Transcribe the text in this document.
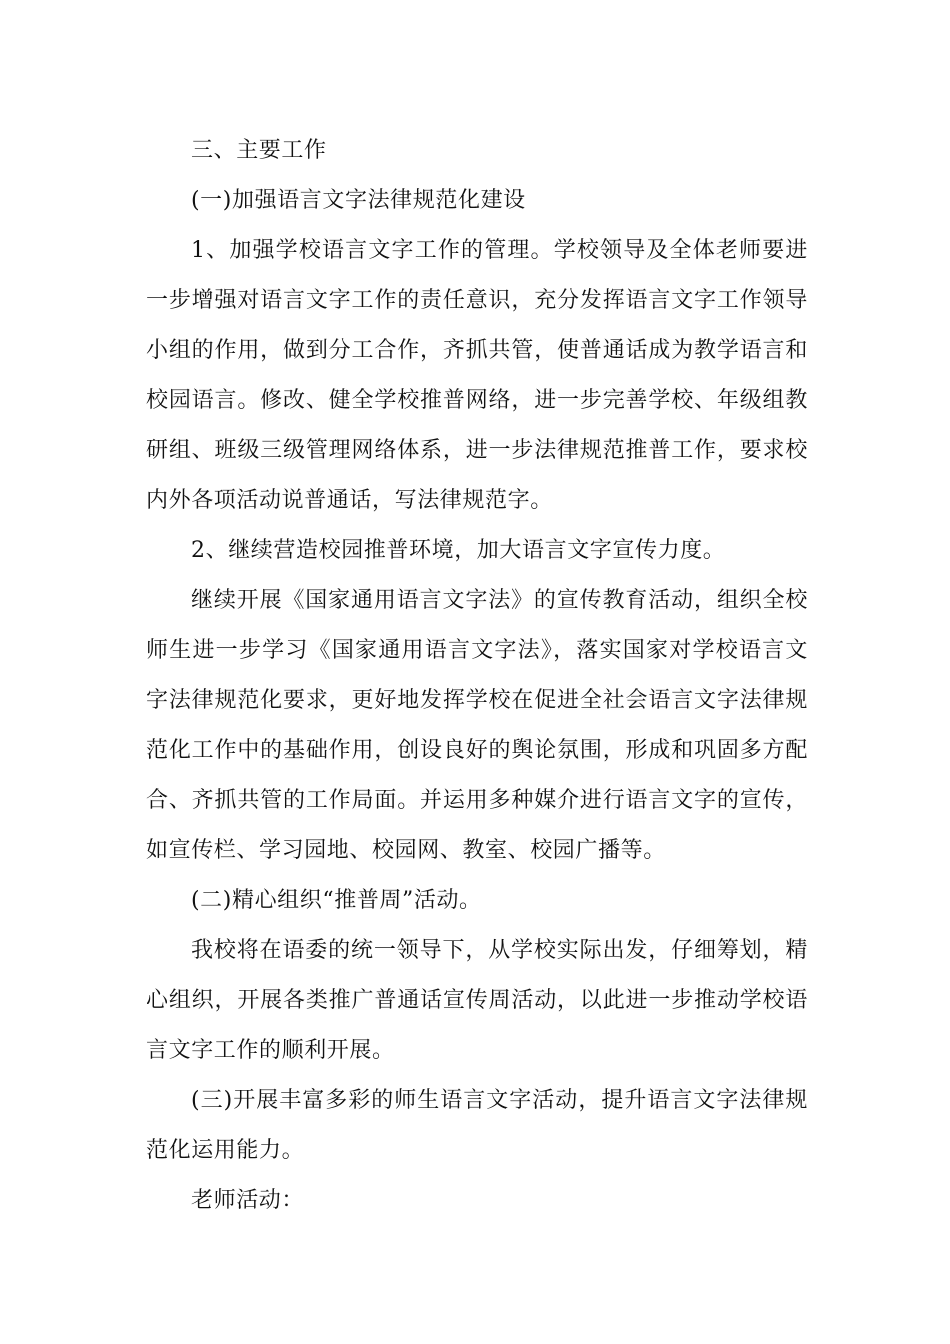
三、主要工作

(一)加强语言文字法律规范化建设

1、加强学校语言文字工作的管理。学校领导及全体老师要进一步增强对语言文字工作的责任意识，充分发挥语言文字工作领导小组的作用，做到分工合作，齐抓共管，使普通话成为教学语言和校园语言。修改、健全学校推普网络，进一步完善学校、年级组教研组、班级三级管理网络体系，进一步法律规范推普工作，要求校内外各项活动说普通话，写法律规范字。

2、继续营造校园推普环境，加大语言文字宣传力度。

继续开展《国家通用语言文字法》的宣传教育活动，组织全校师生进一步学习《国家通用语言文字法》，落实国家对学校语言文字法律规范化要求，更好地发挥学校在促进全社会语言文字法律规范化工作中的基础作用，创设良好的舆论氛围，形成和巩固多方配合、齐抓共管的工作局面。并运用多种媒介进行语言文字的宣传，如宣传栏、学习园地、校园网、教室、校园广播等。

(二)精心组织“推普周”活动。

我校将在语委的统一领导下，从学校实际出发，仔细筹划，精心组织，开展各类推广普通话宣传周活动，以此进一步推动学校语言文字工作的顺利开展。

(三)开展丰富多彩的师生语言文字活动，提升语言文字法律规范化运用能力。

老师活动：
